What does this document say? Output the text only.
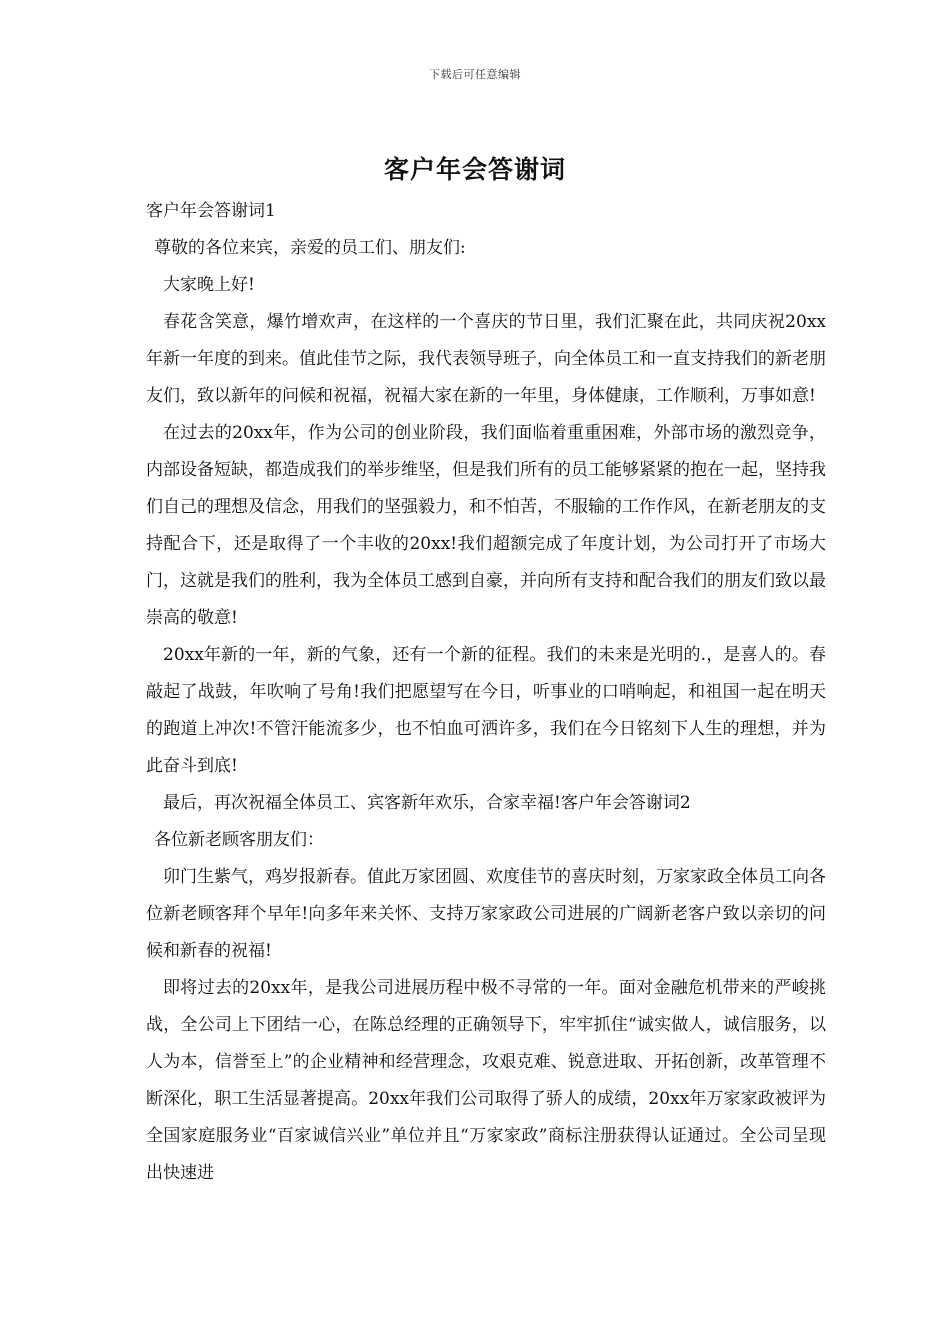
下载后可任意编辑
客户年会答谢词

客户年会答谢词1

尊敬的各位来宾，亲爱的员工们、朋友们:

大家晚上好!

春花含笑意，爆竹增欢声，在这样的一个喜庆的节日里，我们汇聚在此，共同庆祝20xx年新一年度的到来。值此佳节之际，我代表领导班子，向全体员工和一直支持我们的新老朋友们，致以新年的问候和祝福，祝福大家在新的一年里，身体健康，工作顺利，万事如意!

在过去的20xx年，作为公司的创业阶段，我们面临着重重困难，外部市场的激烈竞争，内部设备短缺，都造成我们的举步维坚，但是我们所有的员工能够紧紧的抱在一起，坚持我们自己的理想及信念，用我们的坚强毅力，和不怕苦，不服输的工作作风，在新老朋友的支持配合下，还是取得了一个丰收的20xx!我们超额完成了年度计划，为公司打开了市场大门，这就是我们的胜利，我为全体员工感到自豪，并向所有支持和配合我们的朋友们致以最崇高的敬意!

20xx年新的一年，新的气象，还有一个新的征程。我们的未来是光明的.，是喜人的。春敲起了战鼓，年吹响了号角!我们把愿望写在今日，听事业的口哨响起，和祖国一起在明天的跑道上冲次!不管汗能流多少，也不怕血可洒许多，我们在今日铭刻下人生的理想，并为此奋斗到底!

最后，再次祝福全体员工、宾客新年欢乐，合家幸福!客户年会答谢词2

各位新老顾客朋友们：

卯门生紫气，鸡岁报新春。值此万家团圆、欢度佳节的喜庆时刻，万家家政全体员工向各位新老顾客拜个早年!向多年来关怀、支持万家家政公司进展的广阔新老客户致以亲切的问候和新春的祝福!

即将过去的20xx年，是我公司进展历程中极不寻常的一年。面对金融危机带来的严峻挑战，全公司上下团结一心，在陈总经理的正确领导下，牢牢抓住“诚实做人，诚信服务，以人为本，信誉至上”的企业精神和经营理念，攻艰克难、锐意进取、开拓创新，改革管理不断深化，职工生活显著提高。20xx年我们公司取得了骄人的成绩，20xx年万家家政被评为全国家庭服务业“百家诚信兴业”单位并且“万家家政”商标注册获得认证通过。全公司呈现出快速进
